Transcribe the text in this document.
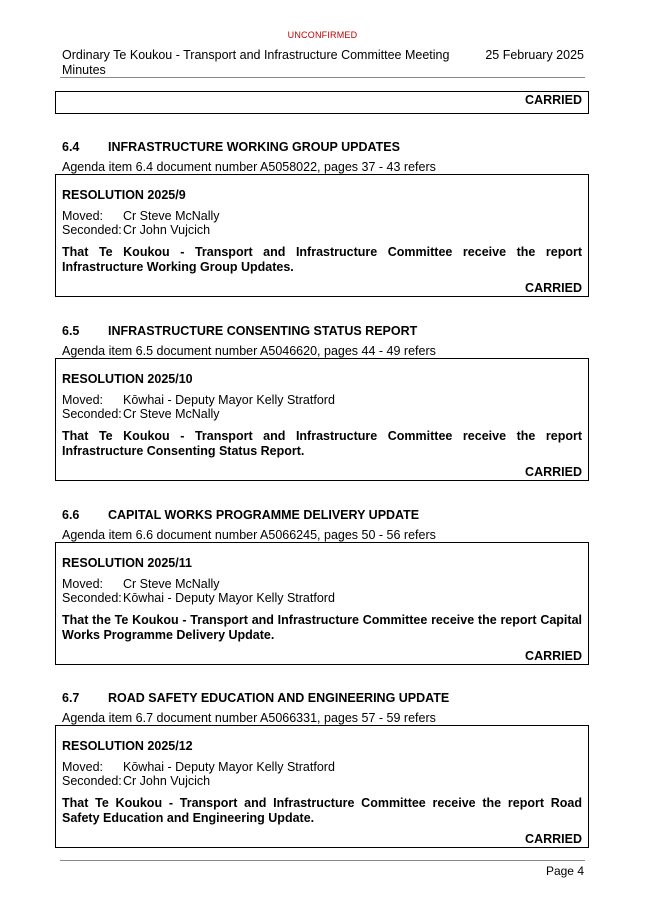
UNCONFIRMED
Ordinary Te Koukou - Transport and Infrastructure Committee Meeting Minutes
25 February 2025
CARRIED
6.4 INFRASTRUCTURE WORKING GROUP UPDATES
Agenda item 6.4 document number A5058022, pages 37 - 43 refers
RESOLUTION 2025/9
Moved: Cr Steve McNally
Seconded:Cr John Vujcich
That Te Koukou - Transport and Infrastructure Committee receive the report Infrastructure Working Group Updates.
CARRIED
6.5 INFRASTRUCTURE CONSENTING STATUS REPORT
Agenda item 6.5 document number A5046620, pages 44 - 49 refers
RESOLUTION 2025/10
Moved: Kōwhai - Deputy Mayor Kelly Stratford
Seconded:Cr Steve McNally
That Te Koukou - Transport and Infrastructure Committee receive the report Infrastructure Consenting Status Report.
CARRIED
6.6 CAPITAL WORKS PROGRAMME DELIVERY UPDATE
Agenda item 6.6 document number A5066245, pages 50 - 56 refers
RESOLUTION 2025/11
Moved: Cr Steve McNally
Seconded:Kōwhai - Deputy Mayor Kelly Stratford
That the Te Koukou - Transport and Infrastructure Committee receive the report Capital Works Programme Delivery Update.
CARRIED
6.7 ROAD SAFETY EDUCATION AND ENGINEERING UPDATE
Agenda item 6.7 document number A5066331, pages 57 - 59 refers
RESOLUTION 2025/12
Moved: Kōwhai - Deputy Mayor Kelly Stratford
Seconded:Cr John Vujcich
That Te Koukou - Transport and Infrastructure Committee receive the report Road Safety Education and Engineering Update.
CARRIED
Page 4
